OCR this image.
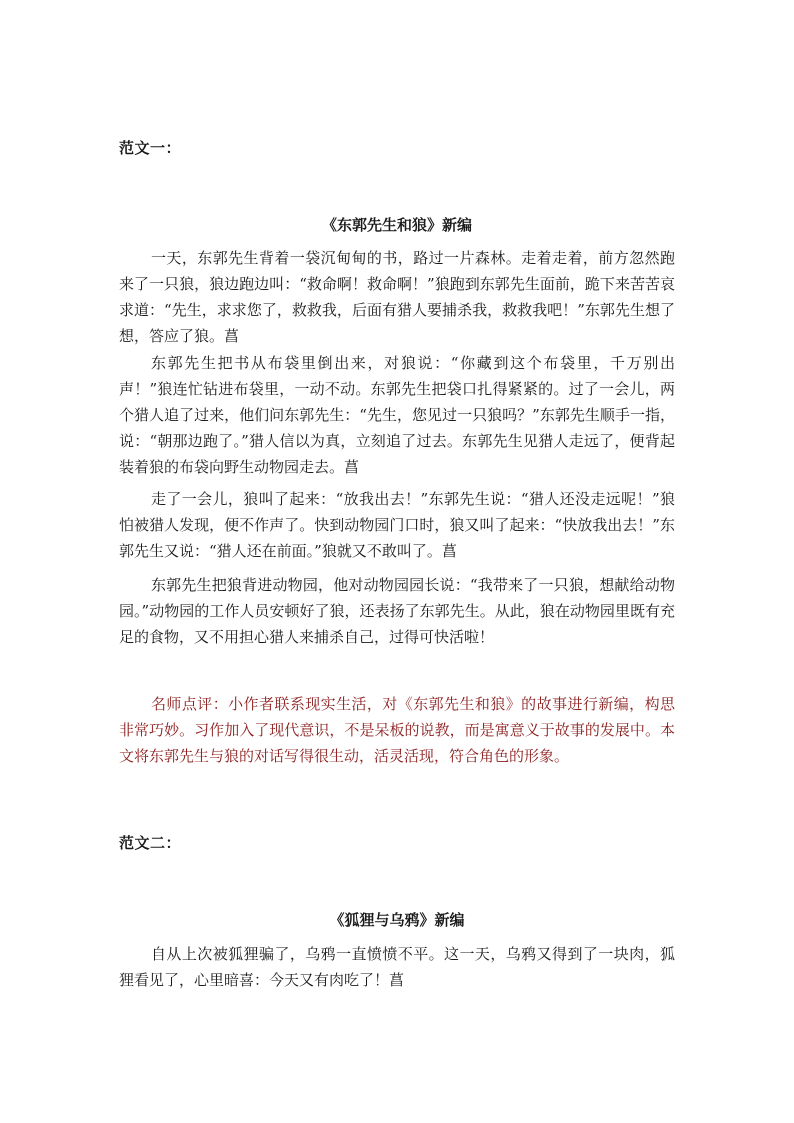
范文一：

《东郭先生和狼》新编

一天，东郭先生背着一袋沉甸甸的书，路过一片森林。走着走着，前方忽然跑来了一只狼，狼边跑边叫：“救命啊！救命啊！”狼跑到东郭先生面前，跪下来苦苦哀求道：“先生，求求您了，救救我，后面有猎人要捕杀我，救救我吧！”东郭先生想了想，答应了狼。菖

东郭先生把书从布袋里倒出来，对狼说：“你藏到这个布袋里，千万别出声！”狼连忙钻进布袋里，一动不动。东郭先生把袋口扎得紧紧的。过了一会儿，两个猎人追了过来，他们问东郭先生：“先生，您见过一只狼吗？”东郭先生顺手一指，说：“朝那边跑了。”猎人信以为真，立刻追了过去。东郭先生见猎人走远了，便背起装着狼的布袋向野生动物园走去。菖

走了一会儿，狼叫了起来：“放我出去！”东郭先生说：“猎人还没走远呢！”狼怕被猎人发现，便不作声了。快到动物园门口时，狼又叫了起来：“快放我出去！”东郭先生又说：“猎人还在前面。”狼就又不敢叫了。菖

东郭先生把狼背进动物园，他对动物园园长说：“我带来了一只狼，想献给动物园。”动物园的工作人员安顿好了狼，还表扬了东郭先生。从此，狼在动物园里既有充足的食物，又不用担心猎人来捕杀自己，过得可快活啦！

名师点评：小作者联系现实生活，对《东郭先生和狼》的故事进行新编，构思非常巧妙。习作加入了现代意识，不是呆板的说教，而是寓意义于故事的发展中。本文将东郭先生与狼的对话写得很生动，活灵活现，符合角色的形象。

范文二：

《狐狸与乌鸦》新编

自从上次被狐狸骗了，乌鸦一直愤愤不平。这一天，乌鸦又得到了一块肉，狐狸看见了，心里暗喜：今天又有肉吃了！菖
